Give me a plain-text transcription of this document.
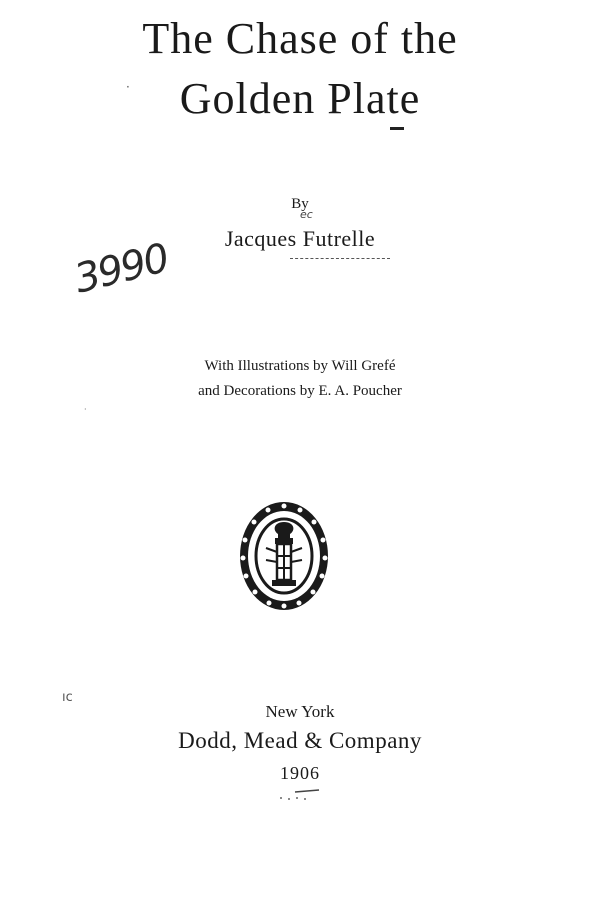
The Chase of the
Golden Plate
By
ec
Jacques Futrelle
3990
With Illustrations by Will Grefé
and Decorations by E. A. Poucher
ıc
·
·
New York
Dodd, Mead & Company
1906
